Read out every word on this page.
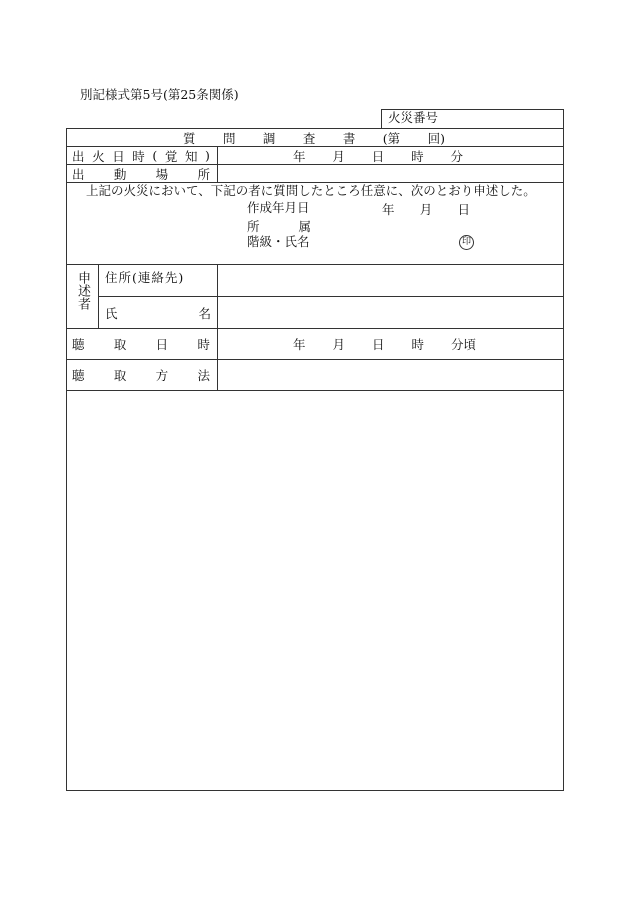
別記様式第5号(第25条関係)
火災番号
質 問 調 査 書 (第 回)
出 火 日 時 ( 覚 知 )	年 月 日 時 分
出 動 場 所
上記の火災において、下記の者に質問したところ任意に、次のとおり申述した。
作成年月日	年 月 日
所	属
階級・氏名	印
申述者 住所(連絡先)
氏	名
聴 取 日 時	年 月 日 時 分頃
聴 取 方 法
